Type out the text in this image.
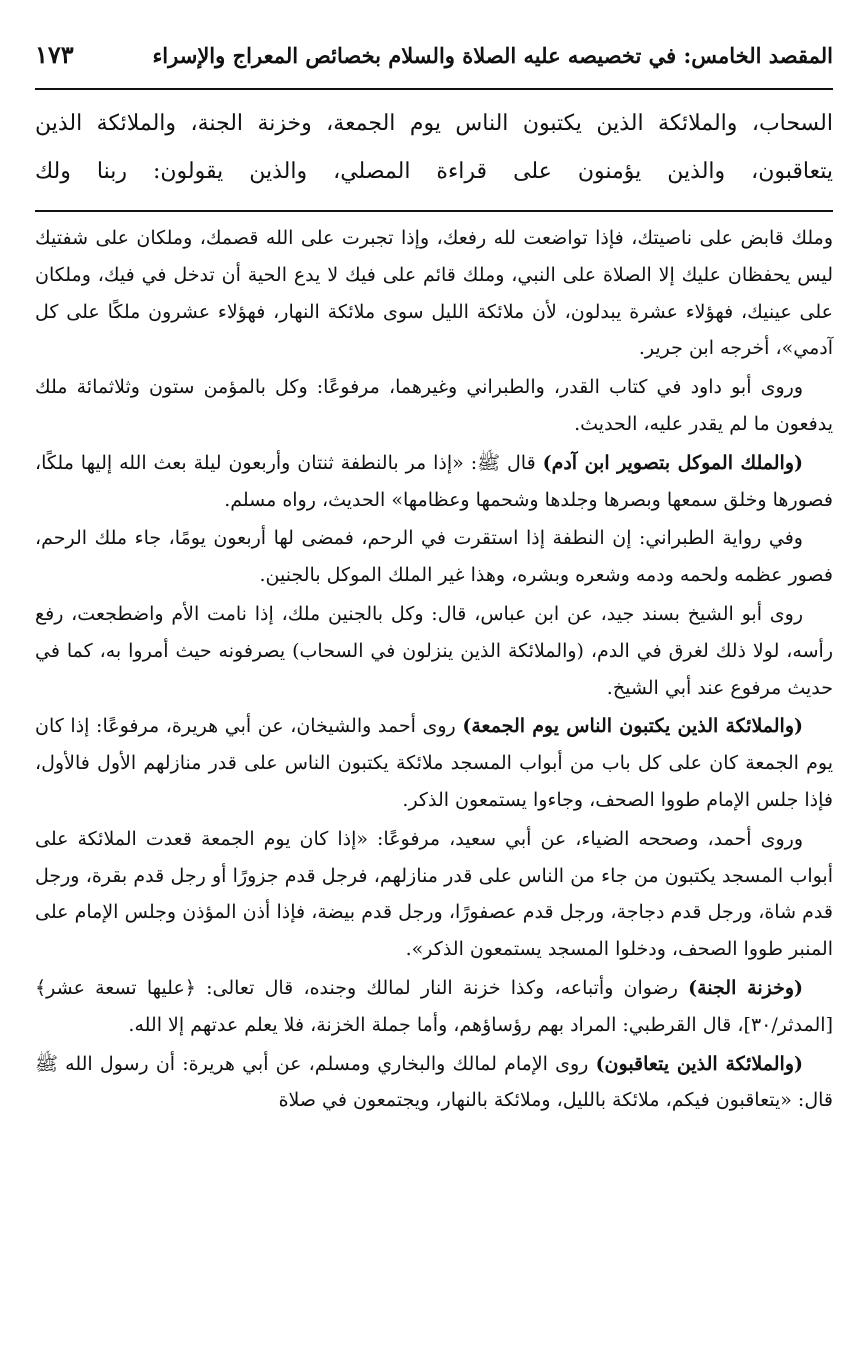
المقصد الخامس: في تخصيصه عليه الصلاة والسلام بخصائص المعراج والإسراء
١٧٣
السحاب، والملائكة الذين يكتبون الناس يوم الجمعة، وخزنة الجنة، والملائكة الذين يتعاقبون، والذين يؤمنون على قراءة المصلي، والذين يقولون: ربنا ولك

وملك قابض على ناصيتك، فإذا تواضعت لله رفعك، وإذا تجبرت على الله قصمك، وملكان على شفتيك ليس يحفظان عليك إلا الصلاة على النبي، وملك قائم على فيك لا يدع الحية أن تدخل في فيك، وملكان على عينيك، فهؤلاء عشرة يبدلون، لأن ملائكة الليل سوى ملائكة النهار، فهؤلاء عشرون ملكًا على كل آدمي»، أخرجه ابن جرير.

وروى أبو داود في كتاب القدر، والطبراني وغيرهما، مرفوعًا: وكل بالمؤمن ستون وثلاثمائة ملك يدفعون ما لم يقدر عليه، الحديث.

(والملك الموكل بتصوير ابن آدم) قال ﷺ: «إذا مر بالنطفة ثنتان وأربعون ليلة بعث الله إليها ملكًا، فصورها وخلق سمعها وبصرها وجلدها وشحمها وعظامها» الحديث، رواه مسلم.

وفي رواية الطبراني: إن النطفة إذا استقرت في الرحم، فمضى لها أربعون يومًا، جاء ملك الرحم، فصور عظمه ولحمه ودمه وشعره وبشره، وهذا غير الملك الموكل بالجنين.

روى أبو الشيخ بسند جيد، عن ابن عباس، قال: وكل بالجنين ملك، إذا نامت الأم واضطجعت، رفع رأسه، لولا ذلك لغرق في الدم، (والملائكة الذين ينزلون في السحاب) يصرفونه حيث أمروا به، كما في حديث مرفوع عند أبي الشيخ.

(والملائكة الذين يكتبون الناس يوم الجمعة) روى أحمد والشيخان، عن أبي هريرة، مرفوعًا: إذا كان يوم الجمعة كان على كل باب من أبواب المسجد ملائكة يكتبون الناس على قدر منازلهم الأول فالأول، فإذا جلس الإمام طووا الصحف، وجاءوا يستمعون الذكر.

وروى أحمد، وصححه الضياء، عن أبي سعيد، مرفوعًا: «إذا كان يوم الجمعة قعدت الملائكة على أبواب المسجد يكتبون من جاء من الناس على قدر منازلهم، فرجل قدم جزورًا أو رجل قدم بقرة، ورجل قدم شاة، ورجل قدم دجاجة، ورجل قدم عصفورًا، ورجل قدم بيضة، فإذا أذن المؤذن وجلس الإمام على المنبر طووا الصحف، ودخلوا المسجد يستمعون الذكر».

(وخزنة الجنة) رضوان وأتباعه، وكذا خزنة النار لمالك وجنده، قال تعالى: ﴿عليها تسعة عشر﴾ [المدثر/٣٠]، قال القرطبي: المراد بهم رؤساؤهم، وأما جملة الخزنة، فلا يعلم عدتهم إلا الله.

(والملائكة الذين يتعاقبون) روى الإمام لمالك والبخاري ومسلم، عن أبي هريرة: أن رسول الله ﷺ قال: «يتعاقبون فيكم، ملائكة بالليل، وملائكة بالنهار، ويجتمعون في صلاة
